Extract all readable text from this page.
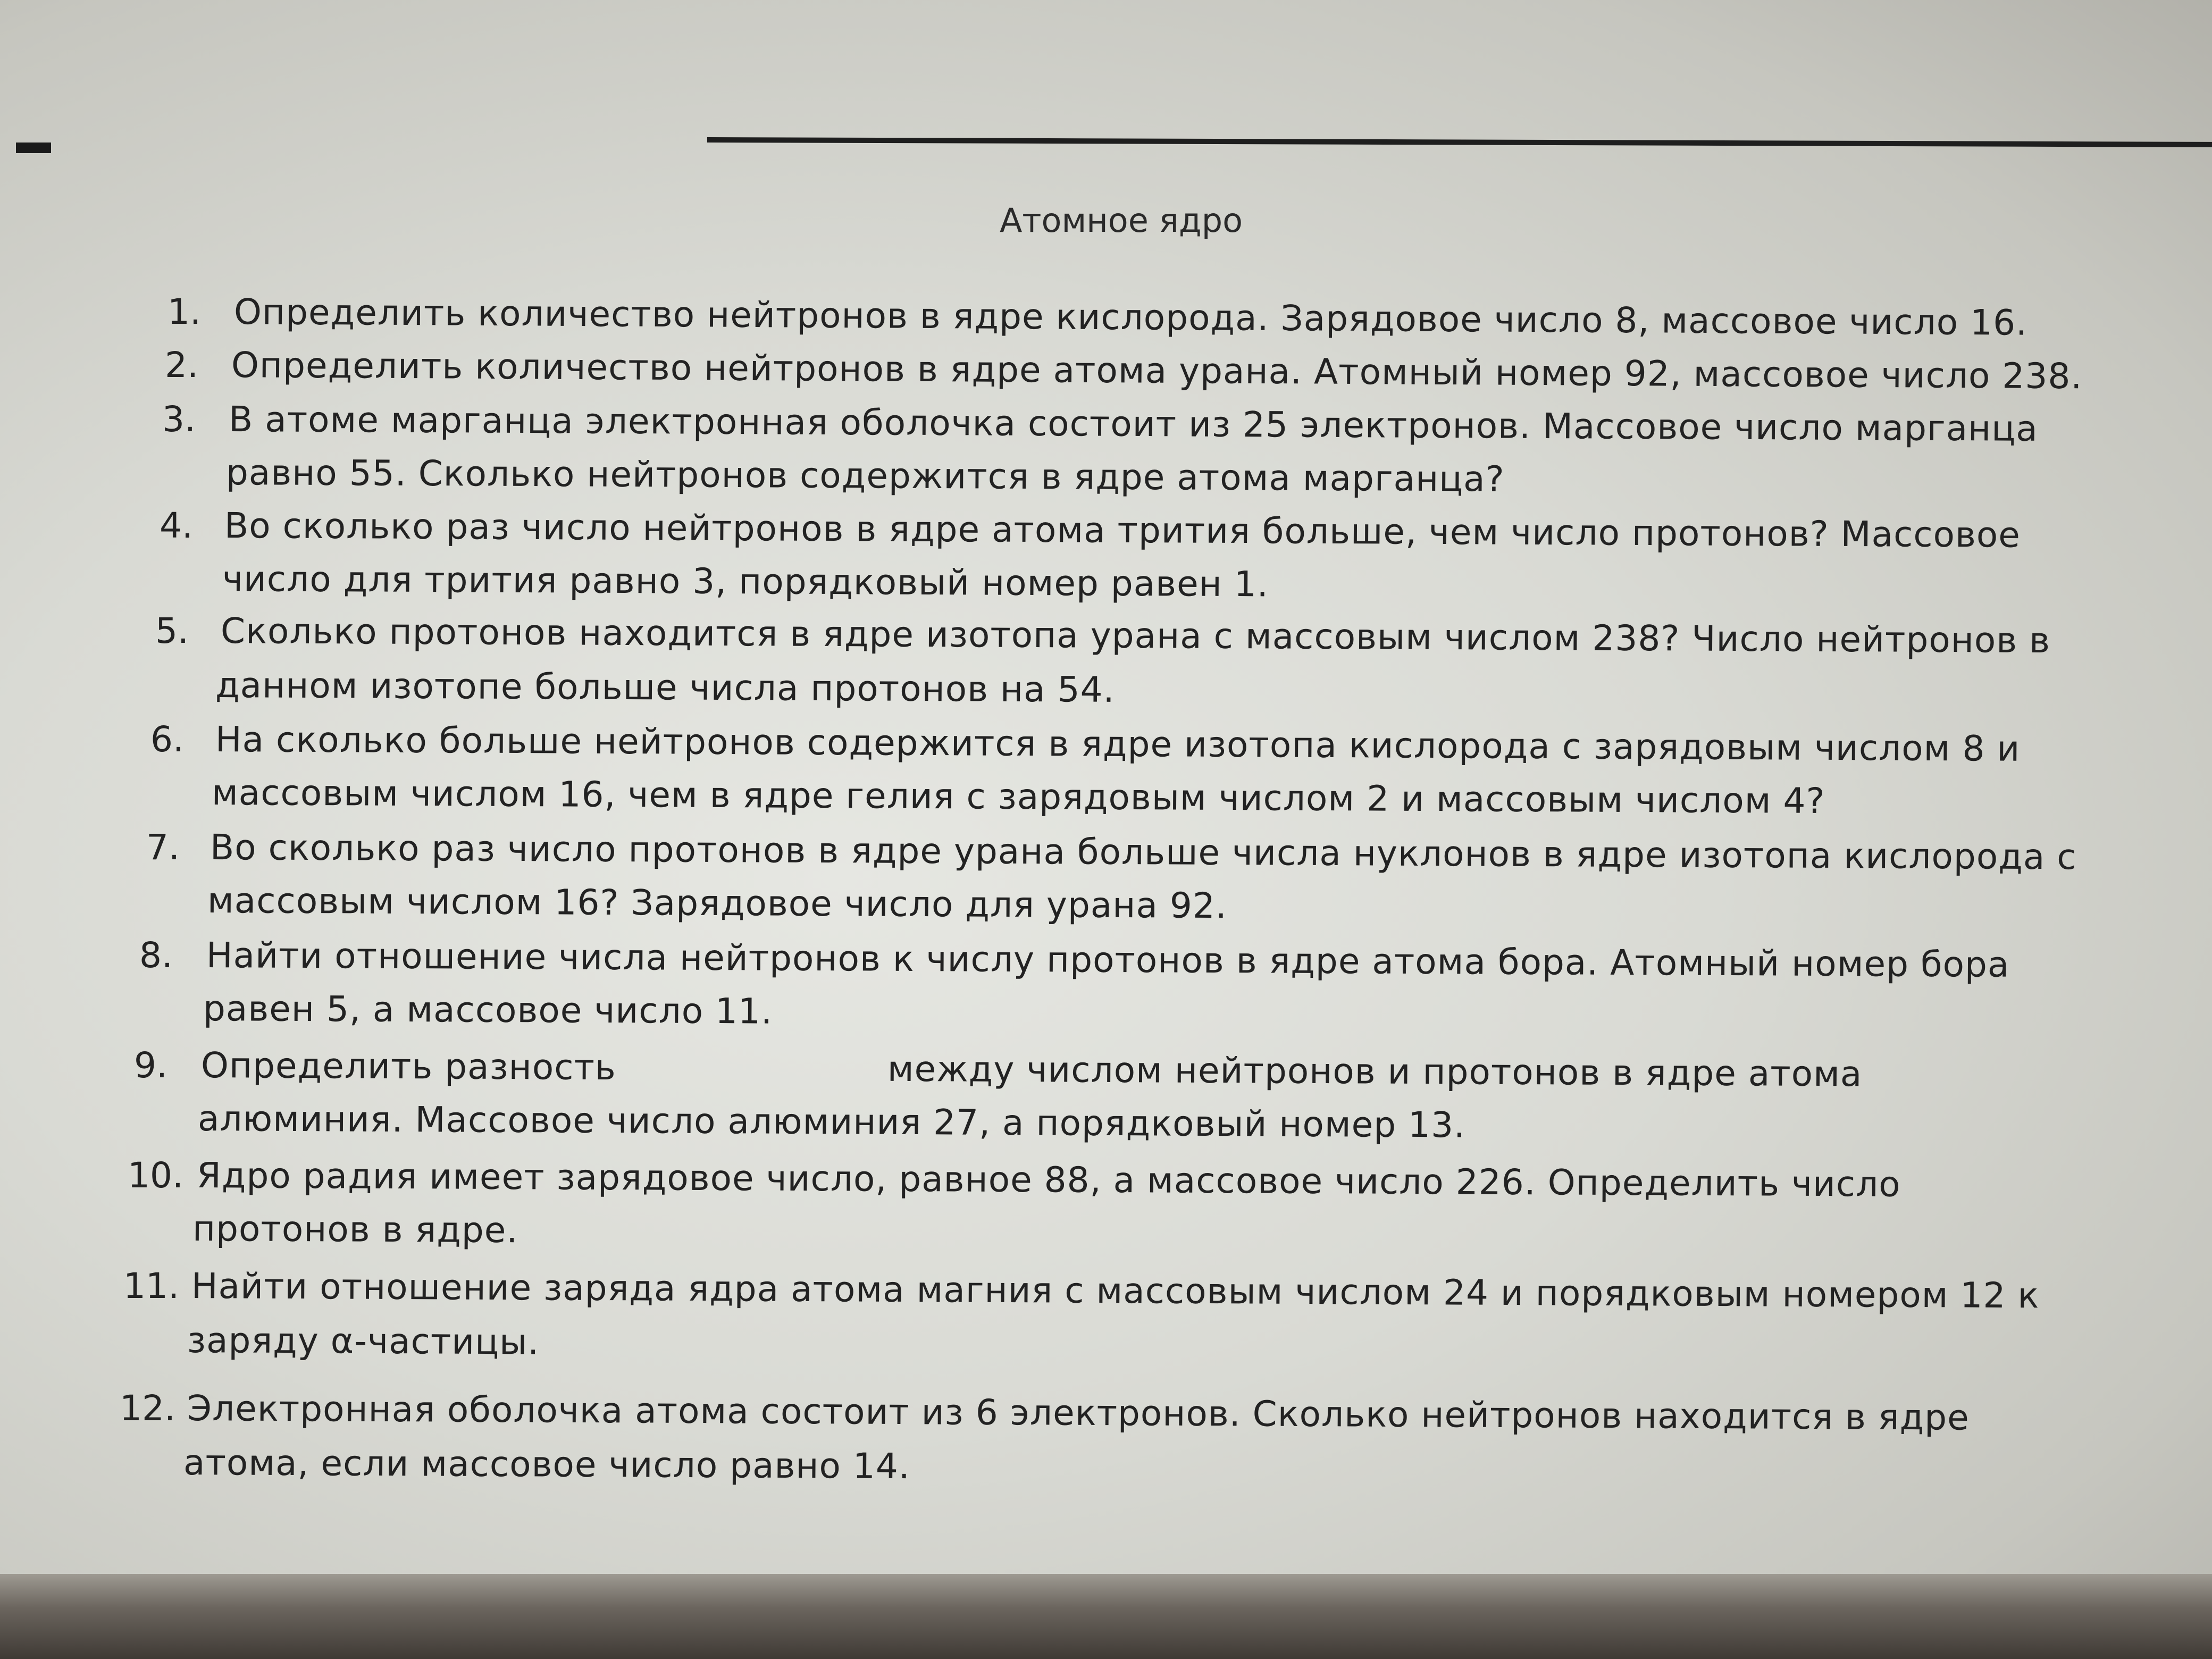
Атомное ядро
1. Определить количество нейтронов в ядре кислорода. Зарядовое число 8, массовое число 16.
2. Определить количество нейтронов в ядре атома урана. Атомный номер 92, массовое число 238.
3. В атоме марганца электронная оболочка состоит из 25 электронов. Массовое число марганца
равно 55. Сколько нейтронов содержится в ядре атома марганца?
4. Во сколько раз число нейтронов в ядре атома трития больше, чем число протонов? Массовое
число для трития равно 3, порядковый номер равен 1.
5. Сколько протонов находится в ядре изотопа урана с массовым числом 238? Число нейтронов в
данном изотопе больше числа протонов на 54.
6. На сколько больше нейтронов содержится в ядре изотопа кислорода с зарядовым числом 8 и
массовым числом 16, чем в ядре гелия с зарядовым числом 2 и массовым числом 4?
7. Во сколько раз число протонов в ядре урана больше числа нуклонов в ядре изотопа кислорода с
массовым числом 16? Зарядовое число для урана 92.
8. Найти отношение числа нейтронов к числу протонов в ядре атома бора. Атомный номер бора
равен 5, а массовое число 11.
9. Определить разность	между числом нейтронов и протонов в ядре атома
алюминия. Массовое число алюминия 27, а порядковый номер 13.
10. Ядро радия имеет зарядовое число, равное 88, а массовое число 226. Определить число
протонов в ядре.
11. Найти отношение заряда ядра атома магния с массовым числом 24 и порядковым номером 12 к
заряду α-частицы.
12. Электронная оболочка атома состоит из 6 электронов. Сколько нейтронов находится в ядре
атома, если массовое число равно 14.
